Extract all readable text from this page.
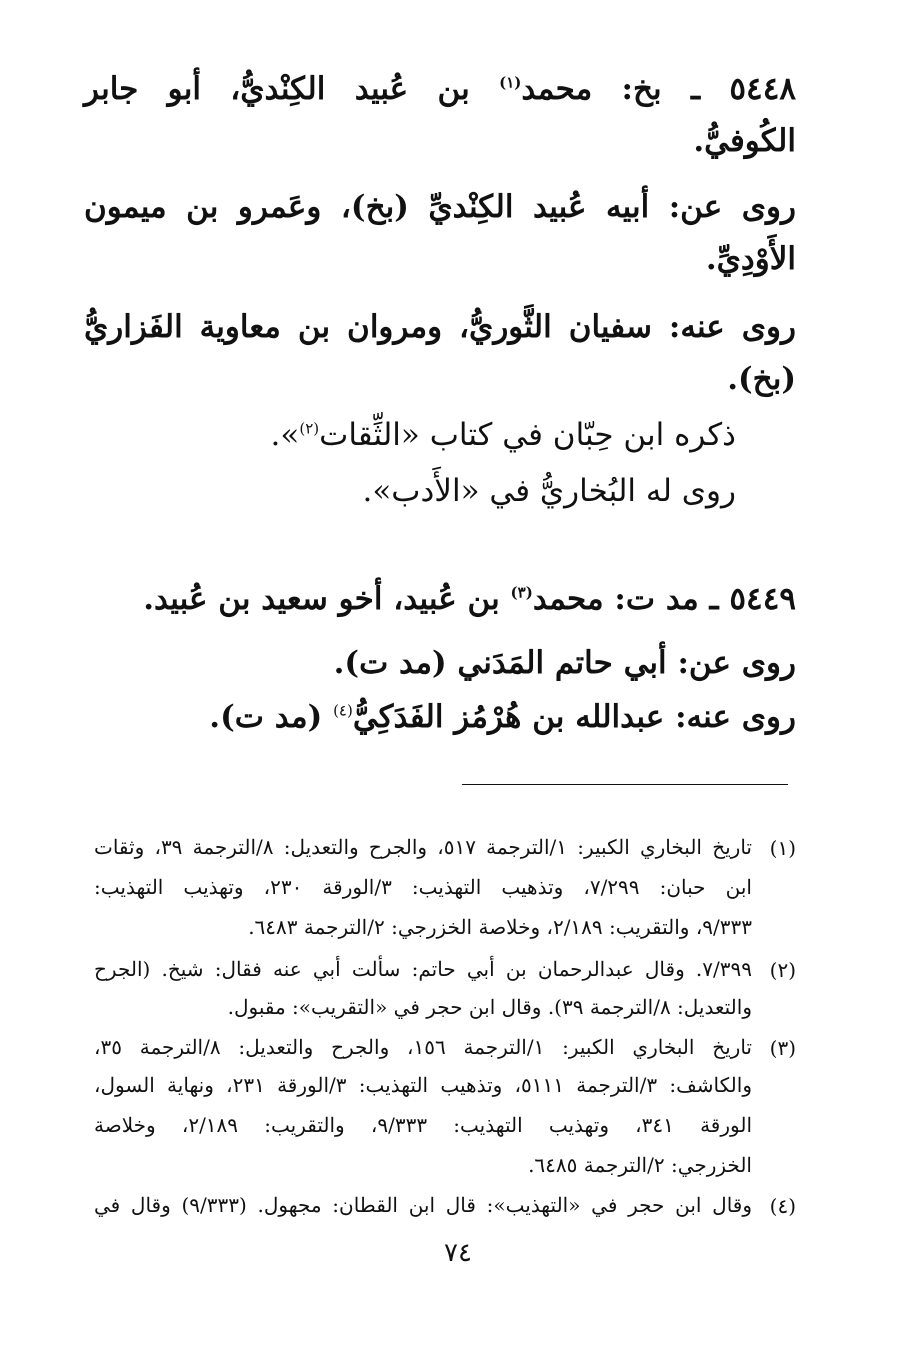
٥٤٤٨ ـ بخ: محمد$^{(١)}$ بن عُبيد الكِنْديُّ، أبو جابر
الكُوفيُّ.
روى عن: أبيه عُبيد الكِنْديِّ (بخ)، وعَمرو بن ميمون
الأَوْدِيِّ.
روى عنه: سفيان الثَّوريُّ، ومروان بن معاوية الفَزاريُّ
(بخ).
ذكره ابن حِبّان في كتاب «الثِّقات$^{(٢)}$».
روى له البُخاريُّ في «الأَدب».
٥٤٤٩ ـ مد ت: محمد$^{(٣)}$ بن عُبيد، أخو سعيد بن عُبيد.
روى عن: أبي حاتم المَدَني (مد ت).
روى عنه: عبدالله بن هُرْمُز الفَدَكِيُّ$^{(٤)}$ (مد ت).
(١)
تاريخ البخاري الكبير: ١/الترجمة ٥١٧، والجرح والتعديل: ٨/الترجمة ٣٩، وثقات
ابن حبان: ٧/٢٩٩، وتذهيب التهذيب: ٣/الورقة ٢٣٠، وتهذيب التهذيب:
٩/٣٣٣، والتقريب: ٢/١٨٩، وخلاصة الخزرجي: ٢/الترجمة ٦٤٨٣.
(٢)
٧/٣٩٩. وقال عبدالرحمان بن أبي حاتم: سألت أبي عنه فقال: شيخ. (الجرح
والتعديل: ٨/الترجمة ٣٩). وقال ابن حجر في «التقريب»: مقبول.
(٣)
تاريخ البخاري الكبير: ١/الترجمة ١٥٦، والجرح والتعديل: ٨/الترجمة ٣٥،
والكاشف: ٣/الترجمة ٥١١١، وتذهيب التهذيب: ٣/الورقة ٢٣١، ونهاية السول،
الورقة ٣٤١، وتهذيب التهذيب: ٩/٣٣٣، والتقريب: ٢/١٨٩، وخلاصة
الخزرجي: ٢/الترجمة ٦٤٨٥.
(٤)
وقال ابن حجر في «التهذيب»: قال ابن القطان: مجهول. (٩/٣٣٣) وقال في
٧٤
